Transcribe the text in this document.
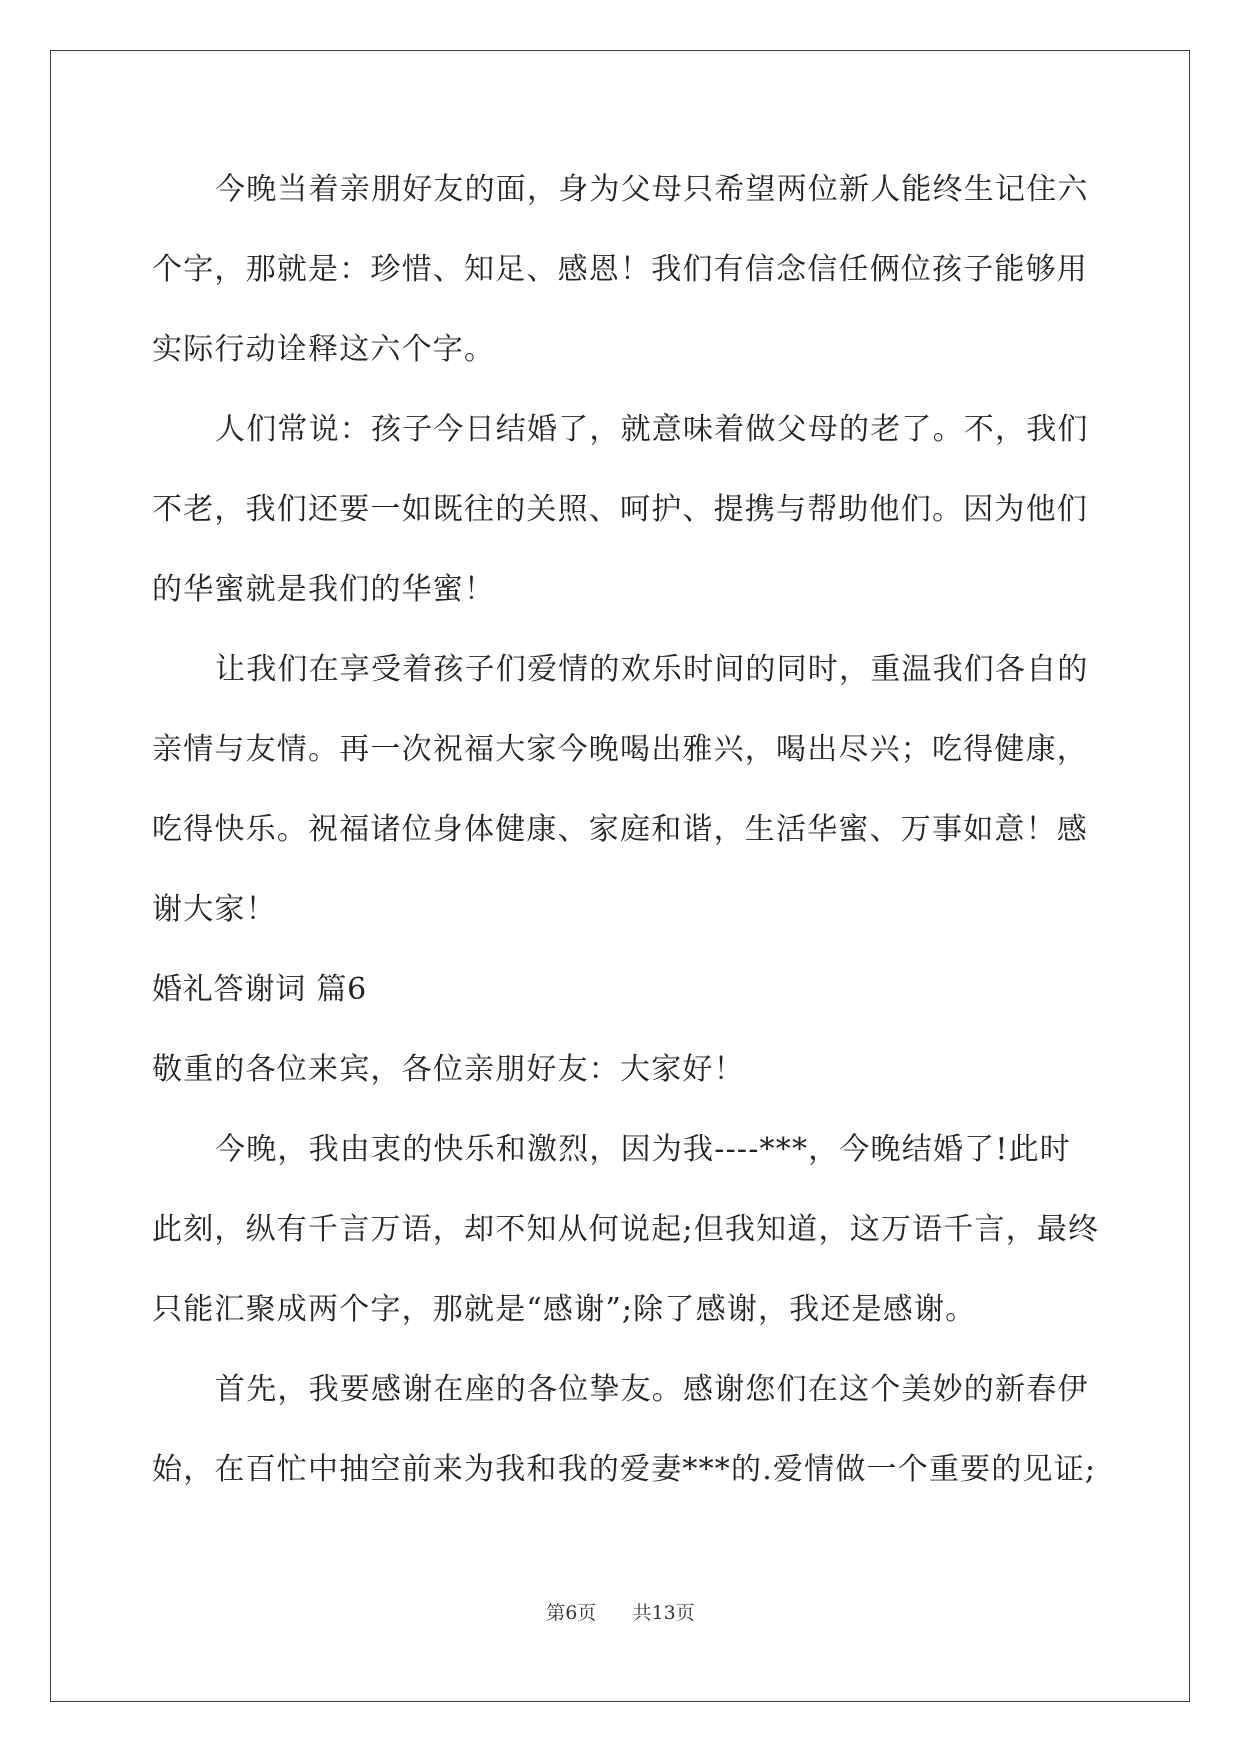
今晚当着亲朋好友的面，身为父母只希望两位新人能终生记住六

个字，那就是：珍惜、知足、感恩！我们有信念信任俩位孩子能够用

实际行动诠释这六个字。

人们常说：孩子今日结婚了，就意味着做父母的老了。不，我们

不老，我们还要一如既往的关照、呵护、提携与帮助他们。因为他们

的华蜜就是我们的华蜜！

让我们在享受着孩子们爱情的欢乐时间的同时，重温我们各自的

亲情与友情。再一次祝福大家今晚喝出雅兴，喝出尽兴；吃得健康，

吃得快乐。祝福诸位身体健康、家庭和谐，生活华蜜、万事如意！感

谢大家！

婚礼答谢词 篇6

敬重的各位来宾，各位亲朋好友：大家好！

今晚，我由衷的快乐和激烈，因为我----***，今晚结婚了!此时

此刻，纵有千言万语，却不知从何说起;但我知道，这万语千言，最终

只能汇聚成两个字，那就是“感谢”;除了感谢，我还是感谢。

首先，我要感谢在座的各位挚友。感谢您们在这个美妙的新春伊

始，在百忙中抽空前来为我和我的爱妻***的.爱情做一个重要的见证;

第6页 共13页
